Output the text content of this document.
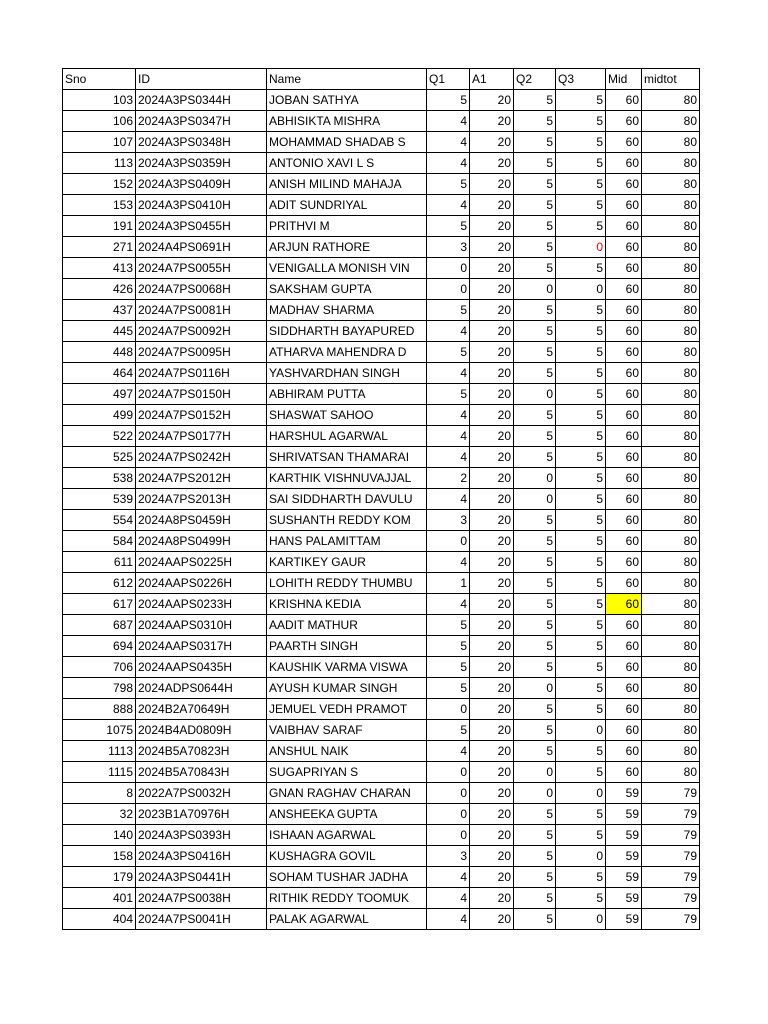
Sno	ID	Name	Q1	A1	Q2	Q3	Mid	midtot
103	2024A3PS0344H	JOBAN SATHYA	5	20	5	5	60	80
106	2024A3PS0347H	ABHISIKTA MISHRA	4	20	5	5	60	80
107	2024A3PS0348H	MOHAMMAD SHADAB S	4	20	5	5	60	80
113	2024A3PS0359H	ANTONIO XAVI L S	4	20	5	5	60	80
152	2024A3PS0409H	ANISH MILIND MAHAJA	5	20	5	5	60	80
153	2024A3PS0410H	ADIT SUNDRIYAL	4	20	5	5	60	80
191	2024A3PS0455H	PRITHVI M	5	20	5	5	60	80
271	2024A4PS0691H	ARJUN RATHORE	3	20	5	0	60	80
413	2024A7PS0055H	VENIGALLA MONISH VIN	0	20	5	5	60	80
426	2024A7PS0068H	SAKSHAM GUPTA	0	20	0	0	60	80
437	2024A7PS0081H	MADHAV SHARMA	5	20	5	5	60	80
445	2024A7PS0092H	SIDDHARTH BAYAPURED	4	20	5	5	60	80
448	2024A7PS0095H	ATHARVA MAHENDRA D	5	20	5	5	60	80
464	2024A7PS0116H	YASHVARDHAN SINGH	4	20	5	5	60	80
497	2024A7PS0150H	ABHIRAM PUTTA	5	20	0	5	60	80
499	2024A7PS0152H	SHASWAT SAHOO	4	20	5	5	60	80
522	2024A7PS0177H	HARSHUL AGARWAL	4	20	5	5	60	80
525	2024A7PS0242H	SHRIVATSAN THAMARAI	4	20	5	5	60	80
538	2024A7PS2012H	KARTHIK VISHNUVAJJAL	2	20	0	5	60	80
539	2024A7PS2013H	SAI SIDDHARTH DAVULU	4	20	0	5	60	80
554	2024A8PS0459H	SUSHANTH REDDY KOM	3	20	5	5	60	80
584	2024A8PS0499H	HANS PALAMITTAM	0	20	5	5	60	80
611	2024AAPS0225H	KARTIKEY GAUR	4	20	5	5	60	80
612	2024AAPS0226H	LOHITH REDDY THUMBU	1	20	5	5	60	80
617	2024AAPS0233H	KRISHNA KEDIA	4	20	5	5	60	80
687	2024AAPS0310H	AADIT MATHUR	5	20	5	5	60	80
694	2024AAPS0317H	PAARTH SINGH	5	20	5	5	60	80
706	2024AAPS0435H	KAUSHIK VARMA VISWA	5	20	5	5	60	80
798	2024ADPS0644H	AYUSH KUMAR SINGH	5	20	0	5	60	80
888	2024B2A70649H	JEMUEL VEDH PRAMOT	0	20	5	5	60	80
1075	2024B4AD0809H	VAIBHAV SARAF	5	20	5	0	60	80
1113	2024B5A70823H	ANSHUL NAIK	4	20	5	5	60	80
1115	2024B5A70843H	SUGAPRIYAN S	0	20	0	5	60	80
8	2022A7PS0032H	GNAN RAGHAV CHARAN	0	20	0	0	59	79
32	2023B1A70976H	ANSHEEKA GUPTA	0	20	5	5	59	79
140	2024A3PS0393H	ISHAAN AGARWAL	0	20	5	5	59	79
158	2024A3PS0416H	KUSHAGRA GOVIL	3	20	5	0	59	79
179	2024A3PS0441H	SOHAM TUSHAR JADHA	4	20	5	5	59	79
401	2024A7PS0038H	RITHIK REDDY TOOMUK	4	20	5	5	59	79
404	2024A7PS0041H	PALAK AGARWAL	4	20	5	0	59	79
